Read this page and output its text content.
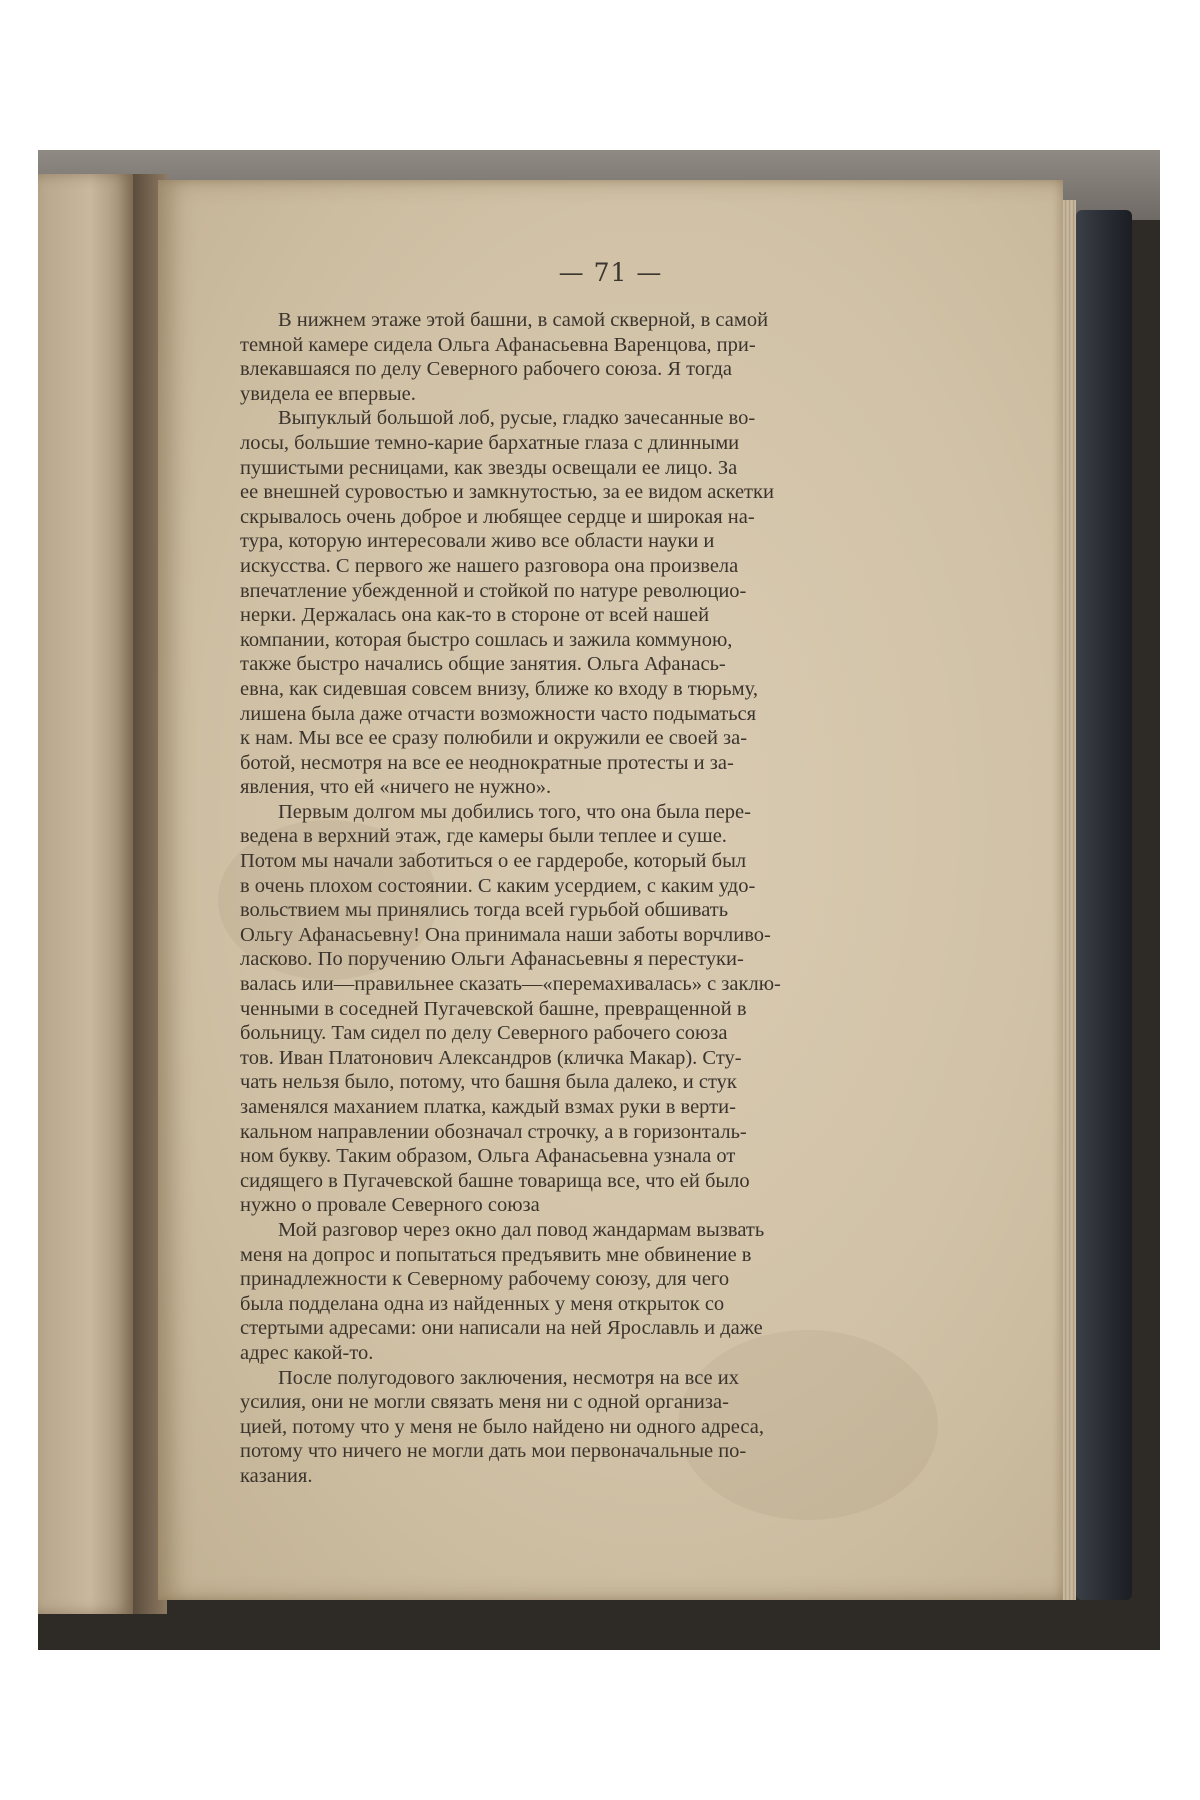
— 71 —
В нижнем этаже этой башни, в самой скверной, в самой
темной камере сидела Ольга Афанасьевна Варенцова, при-
влекавшаяся по делу Северного рабочего союза. Я тогда
увидела ее впервые.
Выпуклый большой лоб, русые, гладко зачесанные во-
лосы, большие темно-карие бархатные глаза с длинными
пушистыми ресницами, как звезды освещали ее лицо. За
ее внешней суровостью и замкнутостью, за ее видом аскетки
скрывалось очень доброе и любящее сердце и широкая на-
тура, которую интересовали живо все области науки и
искусства. С первого же нашего разговора она произвела
впечатление убежденной и стойкой по натуре революцио-
нерки. Держалась она как-то в стороне от всей нашей
компании, которая быстро сошлась и зажила коммуною,
также быстро начались общие занятия. Ольга Афанась-
евна, как сидевшая совсем внизу, ближе ко входу в тюрьму,
лишена была даже отчасти возможности часто подыматься
к нам. Мы все ее сразу полюбили и окружили ее своей за-
ботой, несмотря на все ее неоднократные протесты и за-
явления, что ей «ничего не нужно».
Первым долгом мы добились того, что она была пере-
ведена в верхний этаж, где камеры были теплее и суше.
Потом мы начали заботиться о ее гардеробе, который был
в очень плохом состоянии. С каким усердием, с каким удо-
вольствием мы принялись тогда всей гурьбой обшивать
Ольгу Афанасьевну! Она принимала наши заботы ворчливо-
ласково. По поручению Ольги Афанасьевны я перестуки-
валась или—правильнее сказать—«перемахивалась» с заклю-
ченными в соседней Пугачевской башне, превращенной в
больницу. Там сидел по делу Северного рабочего союза
тов. Иван Платонович Александров (кличка Макар). Сту-
чать нельзя было, потому, что башня была далеко, и стук
заменялся маханием платка, каждый взмах руки в верти-
кальном направлении обозначал строчку, а в горизонталь-
ном букву. Таким образом, Ольга Афанасьевна узнала от
сидящего в Пугачевской башне товарища все, что ей было
нужно о провале Северного союза
Мой разговор через окно дал повод жандармам вызвать
меня на допрос и попытаться предъявить мне обвинение в
принадлежности к Северному рабочему союзу, для чего
была подделана одна из найденных у меня открыток со
стертыми адресами: они написали на ней Ярославль и даже
адрес какой-то.
После полугодового заключения, несмотря на все их
усилия, они не могли связать меня ни с одной организа-
цией, потому что у меня не было найдено ни одного адреса,
потому что ничего не могли дать мои первоначальные по-
казания.
